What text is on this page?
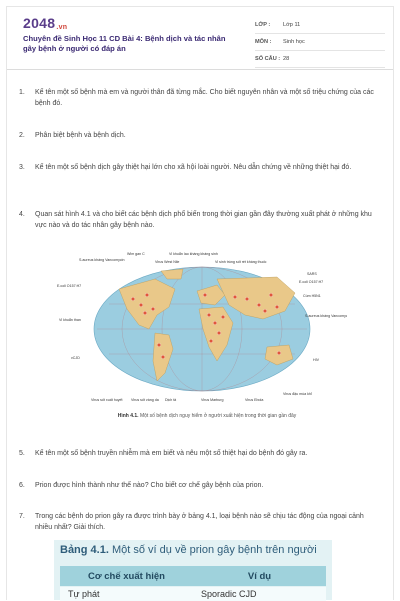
2048.vn
Chuyên đề Sinh Học 11 CD Bài 4: Bệnh dịch và tác nhân gây bệnh ở người có đáp án
LỚP :	Lớp 11
MÔN :	Sinh học
SỐ CÂU : 28
1. Kể tên một số bệnh mà em và người thân đã từng mắc. Cho biết nguyên nhân và một số triệu chứng của các bệnh đó.
2. Phân biệt bệnh và bệnh dịch.
3. Kể tên một số bệnh dịch gây thiệt hại lớn cho xã hội loài người. Nêu dẫn chứng về những thiệt hại đó.
4. Quan sát hình 4.1 và cho biết các bệnh dịch phổ biến trong thời gian gần đây thường xuất phát ở những khu vực nào và do tác nhân gây bệnh nào.
Wim gan C	Vi khuẩn lao kháng kháng sinh
S.aureus kháng Vancomycin	Virus West Nile	Vi sinh trùng sốt rét kháng thuốc
E.coli O157:H7
SARS
E.coli O157:H7
Cúm H5N1
Vi khuẩn than
S.aureus kháng Vancomycin
vCJD	HIV
Virus sốt xuất huyết Virus sốt vàng da Dịch tả	Virus Marburg	Virus Ebola
Virus đậu mùa khỉ
Hình 4.1. Một số bệnh dịch nguy hiểm ở người xuất hiện trong thời gian gần đây
5. Kể tên một số bệnh truyền nhiễm mà em biết và nêu một số thiệt hại do bệnh đó gây ra.
6. Prion được hình thành như thế nào? Cho biết cơ chế gây bệnh của prion.
7. Trong các bệnh do prion gây ra được trình bày ở bảng 4.1, loại bệnh nào sẽ chịu tác động của ngoại cảnh nhiều nhất? Giải thích.
Bảng 4.1. Một số ví dụ về prion gây bệnh trên người
Cơ chế xuất hiện	Ví dụ
Tự phát	Sporadic CJD
